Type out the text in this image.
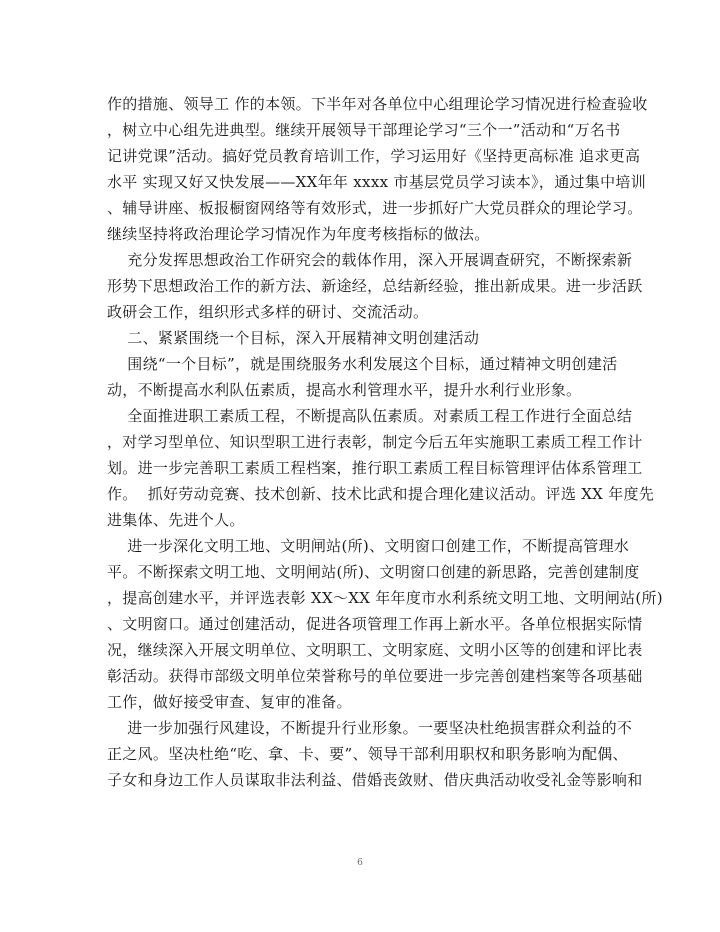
作的措施、领导工 作的本领。下半年对各单位中心组理论学习情况进行检查验收
，树立中心组先进典型。继续开展领导干部理论学习“三个一”活动和“万名书
记讲党课”活动。搞好党员教育培训工作，学习运用好《坚持更高标准 追求更高
水平 实现又好又快发展——XX年年 xxxx 市基层党员学习读本》，通过集中培训
、辅导讲座、板报橱窗网络等有效形式，进一步抓好广大党员群众的理论学习。
继续坚持将政治理论学习情况作为年度考核指标的做法。
充分发挥思想政治工作研究会的载体作用，深入开展调查研究，不断探索新
形势下思想政治工作的新方法、新途经，总结新经验，推出新成果。进一步活跃
政研会工作，组织形式多样的研讨、交流活动。
二、紧紧围绕一个目标，深入开展精神文明创建活动
围绕“一个目标”，就是围绕服务水利发展这个目标，通过精神文明创建活
动，不断提高水利队伍素质，提高水利管理水平，提升水利行业形象。
全面推进职工素质工程，不断提高队伍素质。对素质工程工作进行全面总结
，对学习型单位、知识型职工进行表彰，制定今后五年实施职工素质工程工作计
划。进一步完善职工素质工程档案，推行职工素质工程目标管理评估体系管理工
作。  抓好劳动竞赛、技术创新、技术比武和提合理化建议活动。评选 XX 年度先
进集体、先进个人。
进一步深化文明工地、文明闸站(所)、文明窗口创建工作，不断提高管理水
平。不断探索文明工地、文明闸站(所)、文明窗口创建的新思路，完善创建制度
，提高创建水平，并评选表彰 XX～XX 年年度市水利系统文明工地、文明闸站(所)
、文明窗口。通过创建活动，促进各项管理工作再上新水平。各单位根据实际情
况，继续深入开展文明单位、文明职工、文明家庭、文明小区等的创建和评比表
彰活动。获得市部级文明单位荣誉称号的单位要进一步完善创建档案等各项基础
工作，做好接受审查、复审的准备。
进一步加强行风建设，不断提升行业形象。一要坚决杜绝损害群众利益的不
正之风。坚决杜绝“吃、拿、卡、要”、领导干部利用职权和职务影响为配偶、
子女和身边工作人员谋取非法利益、借婚丧敛财、借庆典活动收受礼金等影响和
6
